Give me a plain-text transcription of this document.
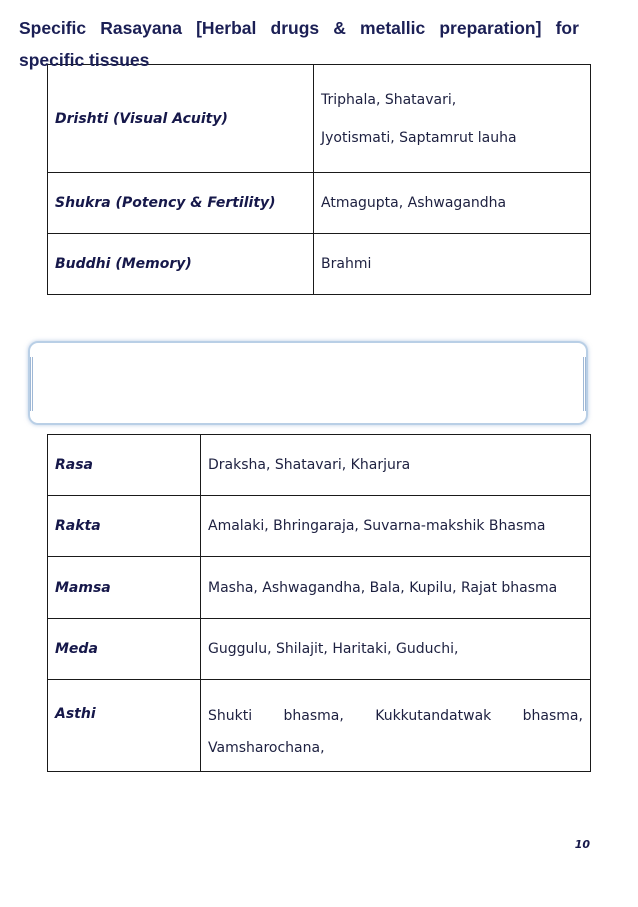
Drishti (Visual Acuity)	Triphala, Shatavari,
Jyotismati, Saptamrut lauha

Shukra (Potency & Fertility)	Atmagupta, Ashwagandha
Buddhi (Memory)	Brahmi
Specific Rasayana [Herbal drugs & metallic preparation] for
specific tissues
Rasa	Draksha, Shatavari, Kharjura
Rakta	Amalaki, Bhringaraja, Suvarna-makshik Bhasma
Mamsa	Masha, Ashwagandha, Bala, Kupilu, Rajat bhasma
Meda	Guggulu, Shilajit, Haritaki, Guduchi,
Asthi	Shukti bhasma, Kukkutandatwak bhasma,
Vamsharochana,
10
